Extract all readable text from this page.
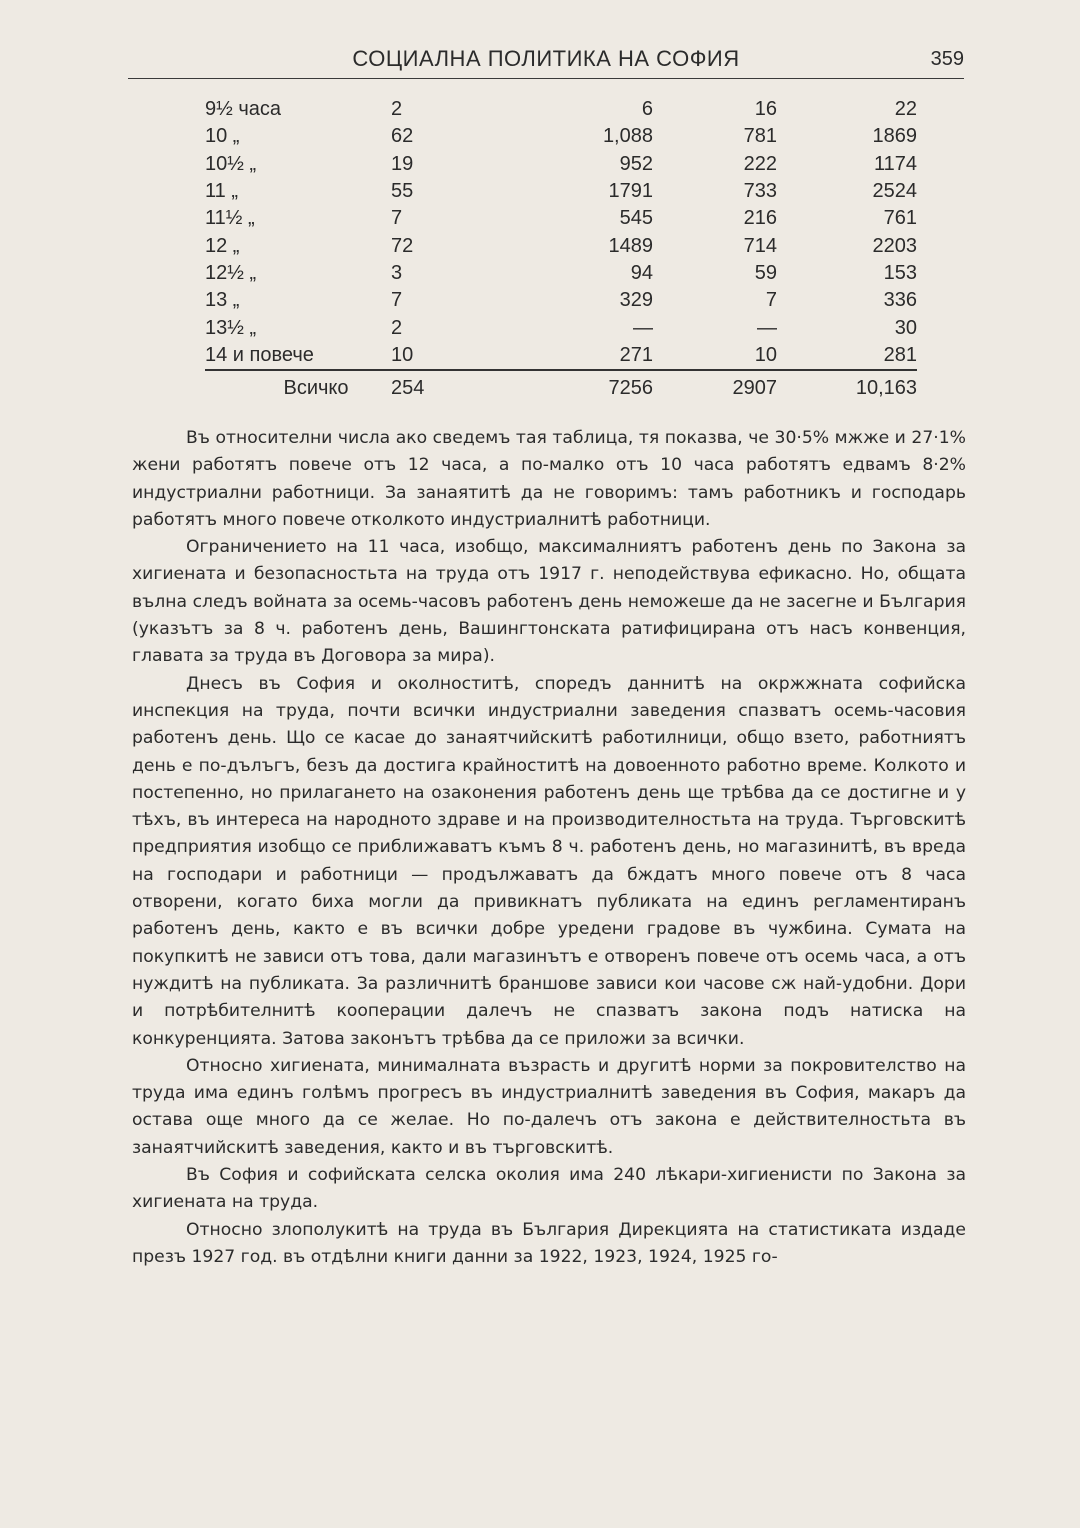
СОЦИАЛНА ПОЛИТИКА НА СОФИЯ	359
9½ часа	2	6	16	22
10 „	62	1,088	781	1869
10½ „	19	952	222	1174
11 „	55	1791	733	2524
11½ „	7	545	216	761
12 „	72	1489	714	2203
12½ „	3	94	59	153
13 „	7	329	7	336
13½ „	2	—	—	30
14 и повече	10	271	10	281
Всичко	254	7256	2907	10,163

Въ относителни числа ако сведемъ тая таблица, тя показва, че 30·5% мжже и 27·1% жени работятъ повече отъ 12 часа, а по-малко отъ 10 часа работятъ едвамъ 8·2% индустриални работници. За занаятитѣ да не говоримъ: тамъ работникъ и господарь работятъ много повече отколкото индустриалнитѣ работници.

Ограничението на 11 часа, изобщо, максималниятъ работенъ день по Закона за хигиената и безопасностьта на труда отъ 1917 г. неподействува ефикасно. Но, общата вълна следъ войната за осемь-часовъ работенъ день неможеше да не засегне и България (указътъ за 8 ч. работенъ день, Вашингтонската ратифицирана отъ насъ конвенция, главата за труда въ Договора за мира).

Днесъ въ София и околноститѣ, споредъ даннитѣ на окржжната софийска инспекция на труда, почти всички индустриални заведения спазватъ осемь-часовия работенъ день. Що се касае до занаятчийскитѣ работилници, общо взето, работниятъ день е по-дълъгъ, безъ да достига крайноститѣ на довоенното работно време. Колкото и постепенно, но прилагането на озаконения работенъ день ще трѣбва да се достигне и у тѣхъ, въ интереса на народното здраве и на производителностьта на труда. Търговскитѣ предприятия изобщо се приближаватъ къмъ 8 ч. работенъ день, но магазинитѣ, въ вреда на господари и работници — продължаватъ да бждатъ много повече отъ 8 часа отворени, когато биха могли да привикнатъ публиката на единъ регламентиранъ работенъ день, както е въ всички добре уредени градове въ чужбина. Сумата на покупкитѣ не зависи отъ това, дали магазинътъ е отворенъ повече отъ осемь часа, а отъ нуждитѣ на публиката. За различнитѣ браншове зависи кои часове сж най-удобни. Дори и потрѣбителнитѣ кооперации далечъ не спазватъ закона подъ натиска на конкуренцията. Затова законътъ трѣбва да се приложи за всички.

Относно хигиената, минималната възрасть и другитѣ норми за покровителство на труда има единъ голѣмъ прогресъ въ индустриалнитѣ заведения въ София, макаръ да остава още много да се желае. Но по-далечъ отъ закона е действителностьта въ занаятчийскитѣ заведения, както и въ търговскитѣ.

Въ София и софийската селска околия има 240 лѣкари-хигиенисти по Закона за хигиената на труда.

Относно злополукитѣ на труда въ България Дирекцията на статистиката издаде презъ 1927 год. въ отдѣлни книги данни за 1922, 1923, 1924, 1925 го-
